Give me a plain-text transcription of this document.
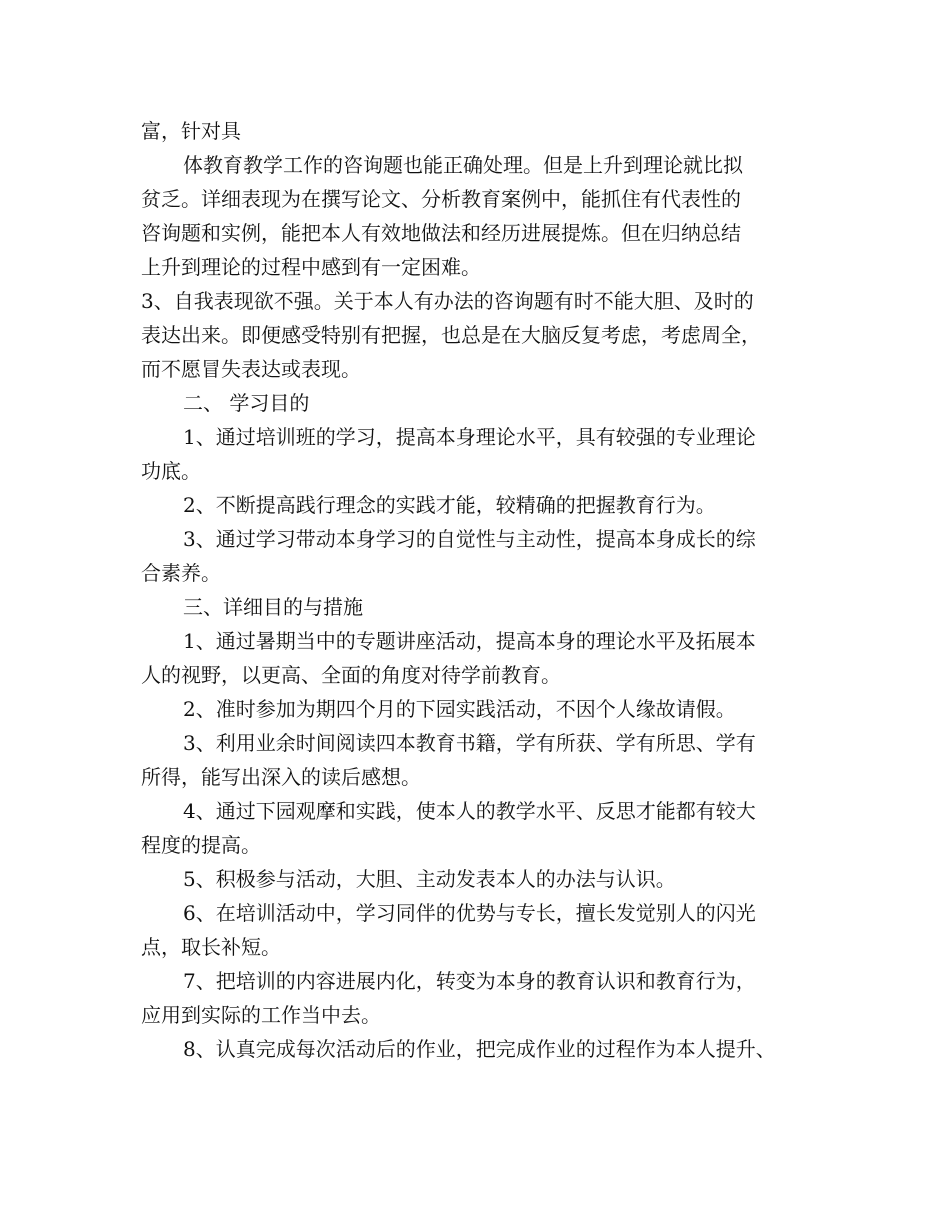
富，针对具
体教育教学工作的咨询题也能正确处理。但是上升到理论就比拟
贫乏。详细表现为在撰写论文、分析教育案例中，能抓住有代表性的
咨询题和实例，能把本人有效地做法和经历进展提炼。但在归纳总结
上升到理论的过程中感到有一定困难。
3、自我表现欲不强。关于本人有办法的咨询题有时不能大胆、及时的
表达出来。即便感受特别有把握，也总是在大脑反复考虑，考虑周全，
而不愿冒失表达或表现。
二、 学习目的
1、通过培训班的学习，提高本身理论水平，具有较强的专业理论
功底。
2、不断提高践行理念的实践才能，较精确的把握教育行为。
3、通过学习带动本身学习的自觉性与主动性，提高本身成长的综
合素养。
三、详细目的与措施
1、通过暑期当中的专题讲座活动，提高本身的理论水平及拓展本
人的视野，以更高、全面的角度对待学前教育。
2、准时参加为期四个月的下园实践活动，不因个人缘故请假。
3、利用业余时间阅读四本教育书籍，学有所获、学有所思、学有
所得，能写出深入的读后感想。
4、通过下园观摩和实践，使本人的教学水平、反思才能都有较大
程度的提高。
5、积极参与活动，大胆、主动发表本人的办法与认识。
6、在培训活动中，学习同伴的优势与专长，擅长发觉别人的闪光
点，取长补短。
7、把培训的内容进展内化，转变为本身的教育认识和教育行为，
应用到实际的工作当中去。
8、认真完成每次活动后的作业，把完成作业的过程作为本人提升、
